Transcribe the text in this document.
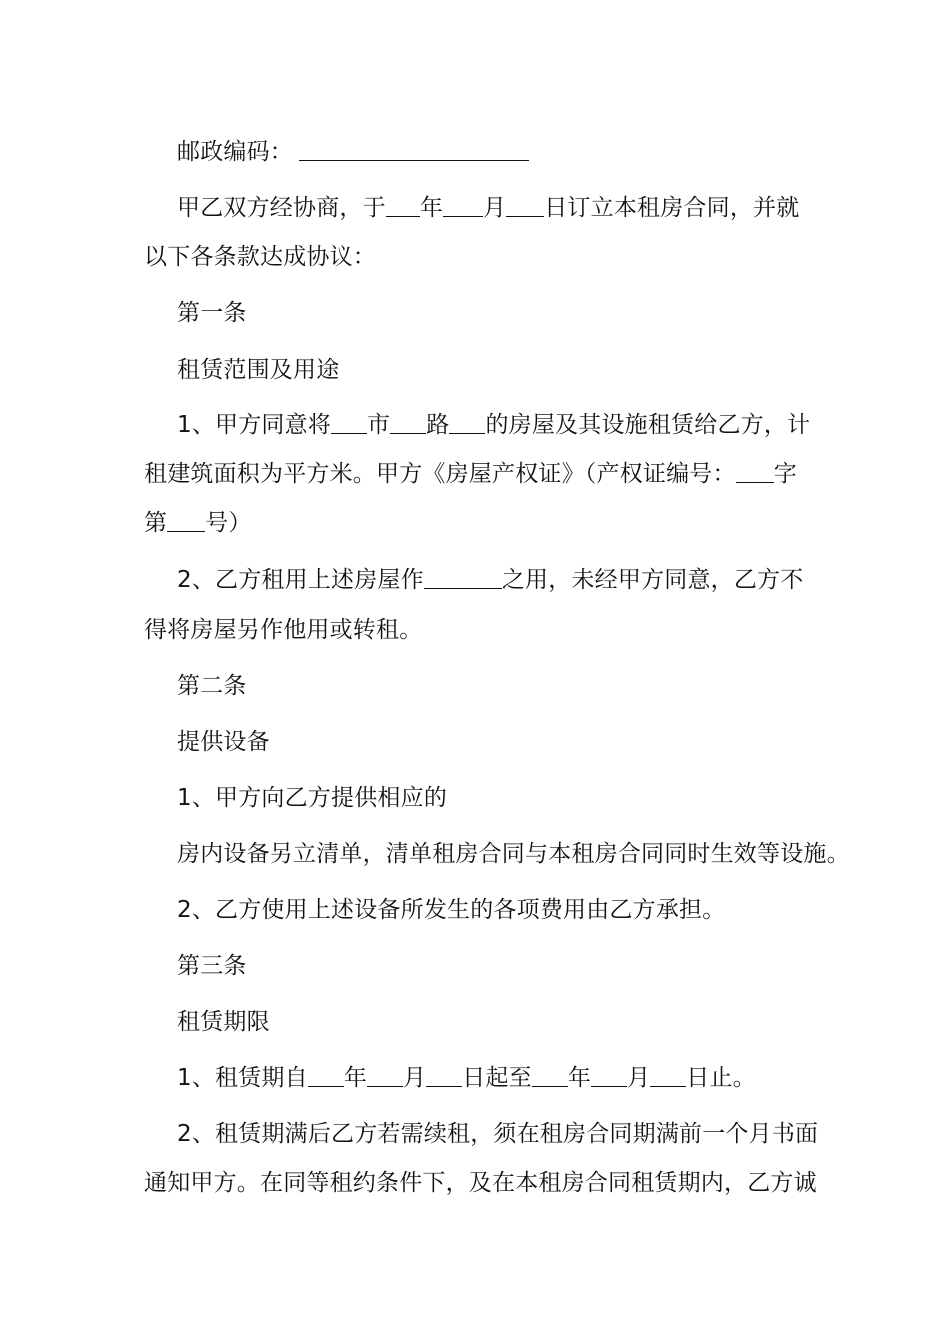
邮政编码：
甲乙双方经协商，于 年 月 日订立本租房合同，并就
以下各条款达成协议：
第一条
租赁范围及用途
1、甲方同意将 市 路 的房屋及其设施租赁给乙方，计
租建筑面积为平方米。甲方《房屋产权证》（产权证编号： 字
第 号）
2、乙方租用上述房屋作	之用，未经甲方同意，乙方不
得将房屋另作他用或转租。
第二条
提供设备
1、甲方向乙方提供相应的
房内设备另立清单，清单租房合同与本租房合同同时生效等设施。
2、乙方使用上述设备所发生的各项费用由乙方承担。
第三条
租赁期限
1、租赁期自 年 月 日起至 年 月 日止。
2、租赁期满后乙方若需续租，须在租房合同期满前一个月书面
通知甲方。在同等租约条件下，及在本租房合同租赁期内，乙方诚
